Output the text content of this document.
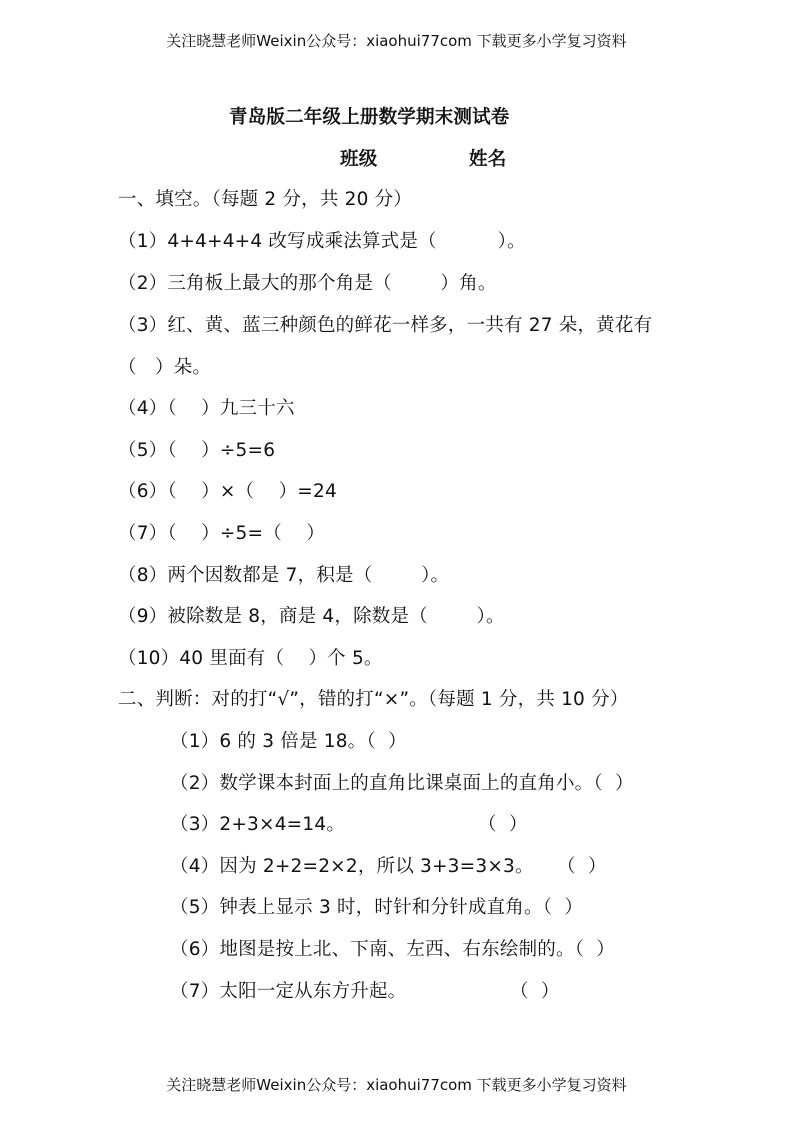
关注晓慧老师Weixin公众号：xiaohui77com 下载更多小学复习资料
青岛版二年级上册数学期末测试卷
班级	姓名
一、填空。（每题 2 分，共 20 分）
（1）4+4+4+4 改写成乘法算式是（          ）。
（2）三角板上最大的那个角是（        ）角。
（3）红、黄、蓝三种颜色的鲜花一样多，一共有 27 朵，黄花有
（   ）朵。
（4）（    ）九三十六
（5）（    ）÷5=6
（6）（    ）×（    ）=24
（7）（    ）÷5=（    ）
（8）两个因数都是 7，积是（        ）。
（9）被除数是 8，商是 4，除数是（        ）。
（10）40 里面有（    ）个 5。
二、判断：对的打“√”，错的打“×”。（每题 1 分，共 10 分）
（1）6 的 3 倍是 18。（  ）
（2）数学课本封面上的直角比课桌面上的直角小。（  ）
（3）2+3×4=14。	（  ）
（4）因为 2+2=2×2，所以 3+3=3×3。 （  ）
（5）钟表上显示 3 时，时针和分针成直角。（  ）
（6）地图是按上北、下南、左西、右东绘制的。（  ）
（7）太阳一定从东方升起。	（  ）
关注晓慧老师Weixin公众号：xiaohui77com 下载更多小学复习资料
